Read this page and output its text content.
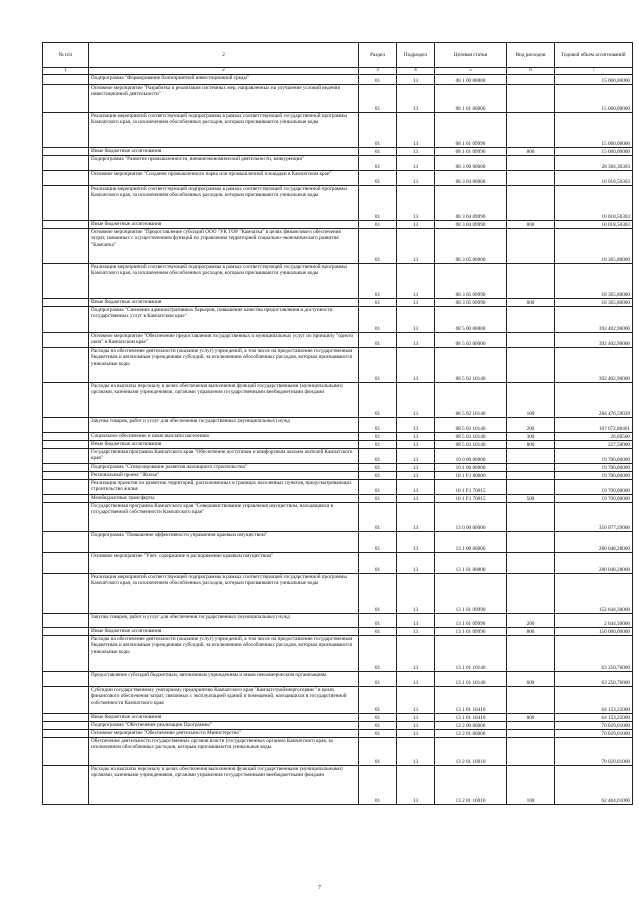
№ п/п	2	Раздел	Подраздел	Целевая статья	Вид расходов	Годовой объем ассигнований
1	2	3	4	5	6	7
	Подпрограмма "Формирование благоприятной инвестиционной среды"	01	13	08 1 00 00000		15 000,00000
	Основное мероприятие "Разработка и реализация системных мер, направленных на улучшение условий ведения инвестиционной деятельности"	01	13	08 1 01 00000		15 000,00000
	Реализация мероприятий соответствующей подпрограммы в рамках соответствующей государственной программы Камчатского края, за исключением обособленных расходов, которым присваиваются уникальные коды	01	13	08 1 01 09990		15 000,00000
	Иные бюджетные ассигнования	01	13	08 1 01 09990	800	15 000,00000
	Подпрограмма "Развитие промышленности, внешнеэкономической деятельности, конкуренции"	01	13	08 3 00 00000		28 384,30303
	Основное мероприятие "Создание промышленного парка или промышленной площадки в Камчатском крае"	01	13	08 3 04 00000		10 018,50303
	Реализация мероприятий соответствующей подпрограммы в рамках соответствующей государственной программы Камчатского края, за исключением обособленных расходов, которым присваиваются уникальные коды	01	13	08 3 04 09990		10 018,50303
	Иные бюджетные ассигнования	01	13	08 3 04 09990	800	10 018,50303
	Основное мероприятие "Предоставление субсидий ООО "УК ТОР "Камчатка" в целях финансового обеспечения затрат, связанных с осуществлением функций по управлению территорией социально-экономического развития "Камчатка"	01	13	08 3 05 00000		18 365,80000
	Реализация мероприятий соответствующей подпрограммы в рамках соответствующей государственной программы Камчатского края, за исключением обособленных расходов, которым присваиваются уникальные коды	01	13	08 3 05 09990		18 365,80000
	Иные бюджетные ассигнования	01	13	08 3 05 09990	800	18 365,80000
	Подпрограмма "Снижение административных барьеров, повышение качества предоставления и доступности государственных услуг в Камчатском крае"	01	13	08 5 00 00000		392 402,90000
	Основное мероприятие "Обеспечение предоставления государственных и муниципальных услуг по принципу "одного окна" в Камчатском крае"	01	13	08 5 02 00000		392 402,90000
	Расходы на обеспечение деятельности (оказание услуг) учреждений, в том числе на предоставление государственным бюджетным и автономным учреждениям субсидий, за исключением обособленных расходов, которым присваиваются уникальные коды	01	13	08 5 02 10140		392 402,90000
	Расходы на выплаты персоналу в целях обеспечения выполнения функций государственными (муниципальными) органами, казенными учреждениями, органами управления государственными внебюджетными фондами	01	13	08 5 02 10140	100	284 476,59039
	Закупка товаров, работ и услуг для обеспечения государственных (муниципальных) нужд	01	13	08 5 02 10140	200	107 672,80461
	Социальное обеспечение и иные выплаты населению	01	13	08 5 02 10140	300	26,00500
	Иные бюджетные ассигнования	01	13	08 5 02 10140	800	227,50000
	Государственная программа Камчатского края "Обеспечение доступным и комфортным жильем жителей Камчатского края"	01	13	10 0 00 00000		19 700,00000
	Подпрограмма "Стимулирование развития жилищного строительства"	01	13	10 1 00 00000		19 700,00000
	Региональный проект "Жилье"	01	13	10 1 F1 00000		19 700,00000
	Реализация проектов по развитию территорий, расположенных в границах населенных пунктов, предусматривающих строительство жилья	01	13	10 1 F1 70015		19 700,00000
	Межбюджетные трансферты	01	13	10 1 F1 70015	500	19 700,00000
	Государственная программа Камчатского края "Совершенствование управления имуществом, находящимся в государственной собственности Камчатского края"	01	13	13 0 00 00000		350 077,29000
	Подпрограмма "Повышение эффективности управления краевым имуществом"	01	13	13 1 00 00000		280 048,28000
	Основное мероприятие "Учет, содержание и распоряжение краевым имуществом"	01	13	13 1 01 00000		280 048,28000
	Реализация мероприятий соответствующей подпрограммы в рамках соответствующей государственной программы Камчатского края, за исключением обособленных расходов, которым присваиваются уникальные коды	01	13	13 1 01 09990		152 644,30000
	Закупка товаров, работ и услуг для обеспечения государственных (муниципальных) нужд	01	13	13 1 01 09990	200	2 644,30000
	Иные бюджетные ассигнования	01	13	13 1 01 09990	800	150 000,00000
	Расходы на обеспечение деятельности (оказание услуг) учреждений, в том числе на предоставление государственным бюджетным и автономным учреждениям субсидий, за исключением обособленных расходов, которым присваиваются уникальные коды	01	13	13 1 01 10140		63 250,76000
	Предоставление субсидий бюджетным, автономным учреждениям и иным некоммерческим организациям	01	13	13 1 01 10140	600	63 250,76000
	Субсидии государственному унитарному предприятию Камчатского края "Камчатстройэнергосервис" в целях финансового обеспечения затрат, связанных с эксплуатацией зданий и помещений, находящихся в государственной собственности Камчатского края	01	13	13 1 01 10410		64 153,22000
	Иные бюджетные ассигнования	01	13	13 1 01 10410	800	64 153,22000
	Подпрограмма "Обеспечение реализации Программы"	01	13	13 2 00 00000		70 029,01000
	Основное мероприятие "Обеспечение деятельности Министерства"	01	13	13 2 01 00000		70 029,01000
	Обеспечение деятельности государственных органов власти (государственных органов) Камчатского края, за исключением обособленных расходов, которым присваиваются уникальные коды.	01	13	13 2 01 10010		70 029,01000
	Расходы на выплаты персоналу в целях обеспечения выполнения функций государственными (муниципальными) органами, казенными учреждениями, органами управления государственными внебюджетными фондами	01	13	13 2 01 10010	100	62 404,01000
7
